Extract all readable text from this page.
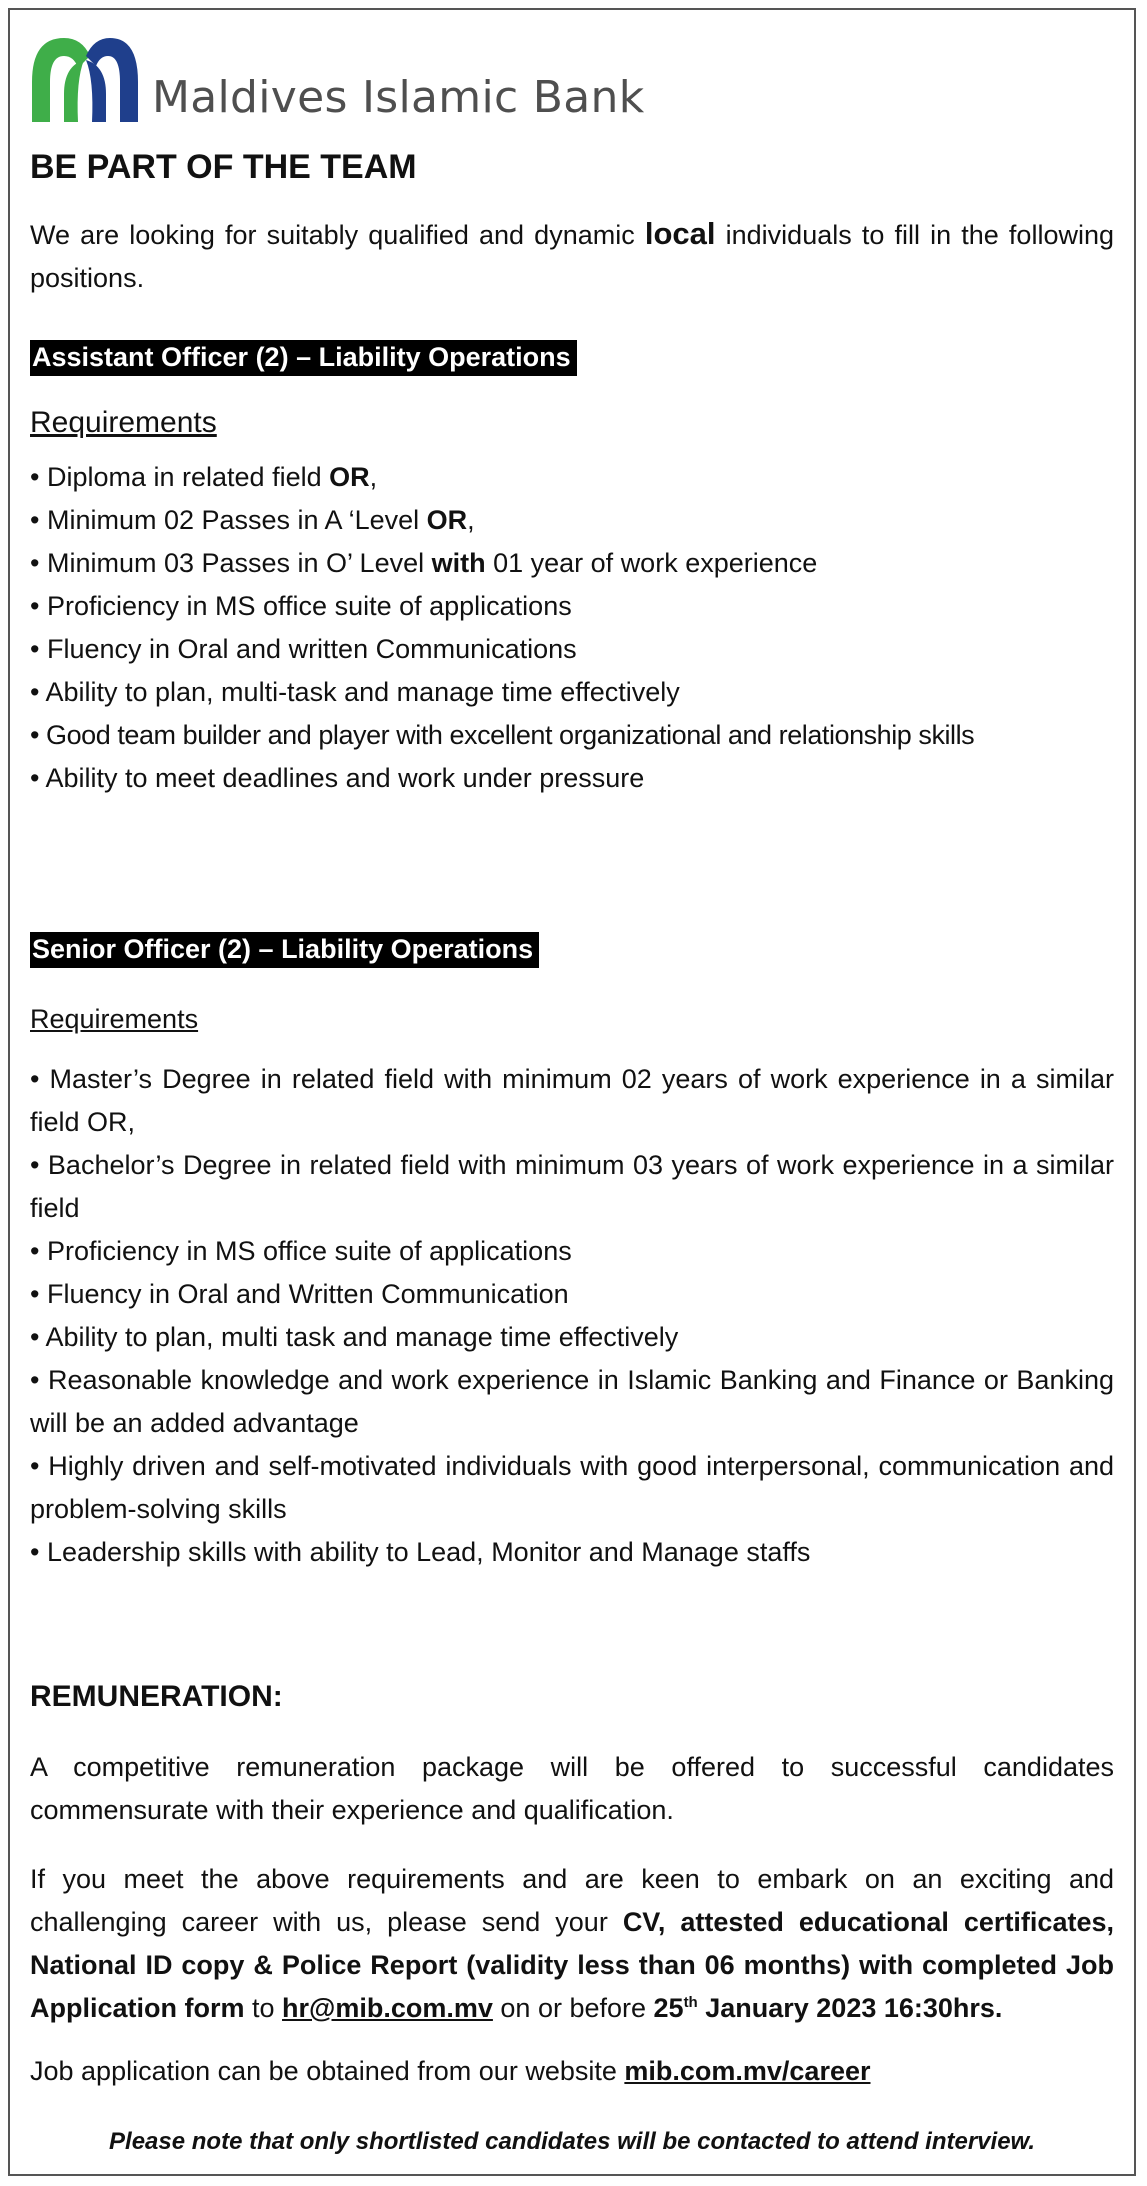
Maldives Islamic Bank
BE PART OF THE TEAM
We are looking for suitably qualified and dynamic local individuals to fill in the following positions.
Assistant Officer (2) – Liability Operations
Requirements
• Diploma in related field OR,
• Minimum 02 Passes in A ‘Level OR,
• Minimum 03 Passes in O’ Level with 01 year of work experience
• Proficiency in MS office suite of applications
• Fluency in Oral and written Communications
• Ability to plan, multi-task and manage time effectively
• Good team builder and player with excellent organizational and relationship skills
• Ability to meet deadlines and work under pressure
Senior Officer (2) – Liability Operations
Requirements
• Master’s Degree in related field with minimum 02 years of work experience in a similar field OR,
• Bachelor’s Degree in related field with minimum 03 years of work experience in a similar field
• Proficiency in MS office suite of applications
• Fluency in Oral and Written Communication
• Ability to plan, multi task and manage time effectively
• Reasonable knowledge and work experience in Islamic Banking and Finance or Banking will be an added advantage
• Highly driven and self-motivated individuals with good interpersonal, communication and problem-solving skills
• Leadership skills with ability to Lead, Monitor and Manage staffs
REMUNERATION:
A competitive remuneration package will be offered to successful candidates commensurate with their experience and qualification.
If you meet the above requirements and are keen to embark on an exciting and challenging career with us, please send your CV, attested educational certificates, National ID copy & Police Report (validity less than 06 months) with completed Job Application form to hr@mib.com.mv on or before 25th January 2023 16:30hrs.
Job application can be obtained from our website mib.com.mv/career
Please note that only shortlisted candidates will be contacted to attend interview.
